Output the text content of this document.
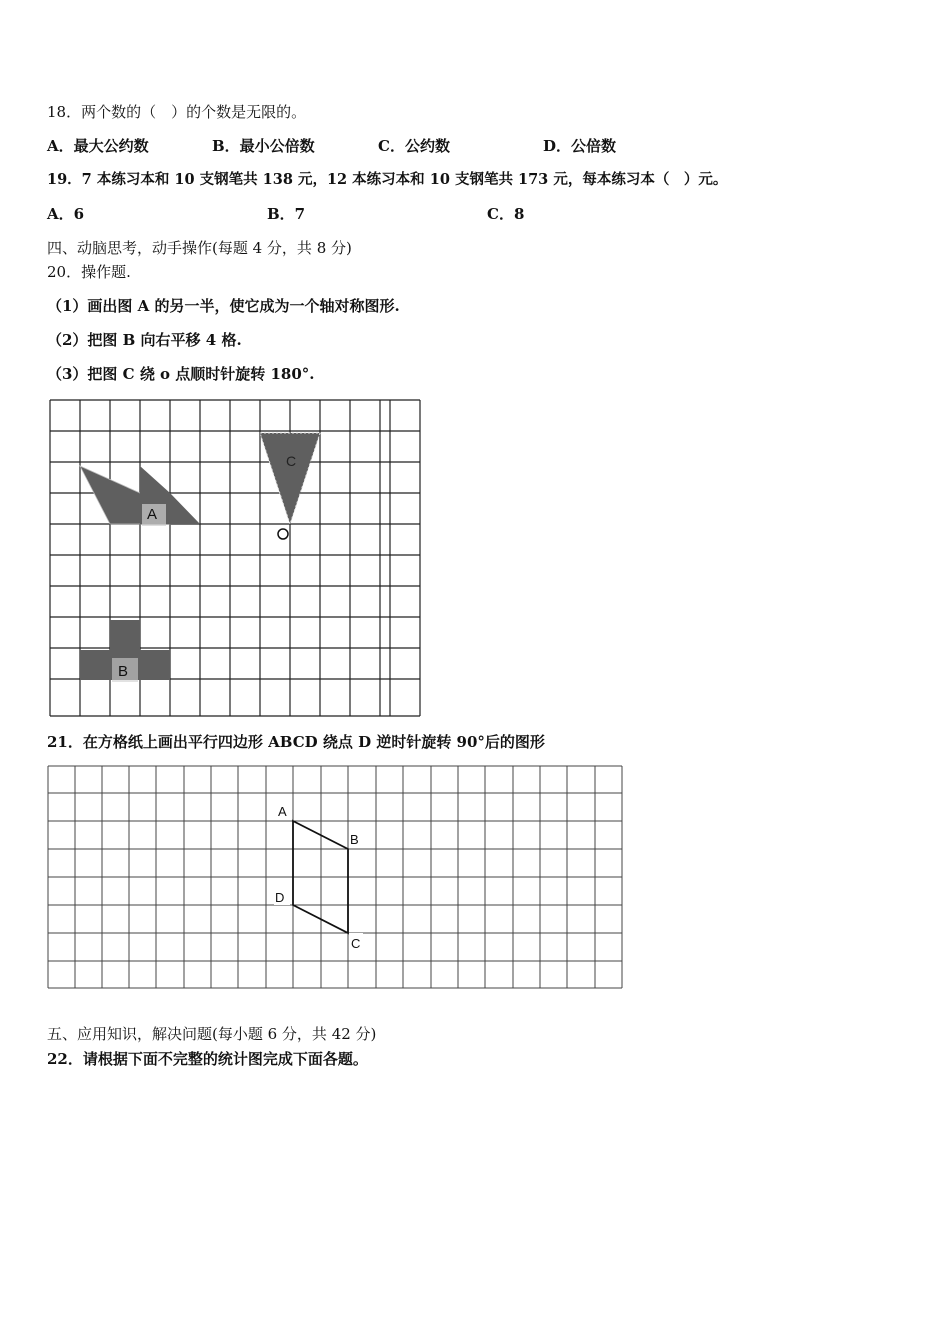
18．两个数的（　）的个数是无限的。
A．最大公约数	B．最小公倍数	C．公约数	D．公倍数
19．7 本练习本和 10 支钢笔共 138 元，12 本练习本和 10 支钢笔共 173 元，每本练习本（　）元。
A．6	B．7	C．8
四、动脑思考，动手操作(每题 4 分，共 8 分)
20．操作题.
（1）画出图 A 的另一半，使它成为一个轴对称图形.
（2）把图 B 向右平移 4 格.
（3）把图 C 绕 o 点顺时针旋转 180°.
A
C
B
21．在方格纸上画出平行四边形 ABCD 绕点 D 逆时针旋转 90°后的图形
A
B
C
D
五、应用知识，解决问题(每小题 6 分，共 42 分)
22．请根据下面不完整的统计图完成下面各题。
